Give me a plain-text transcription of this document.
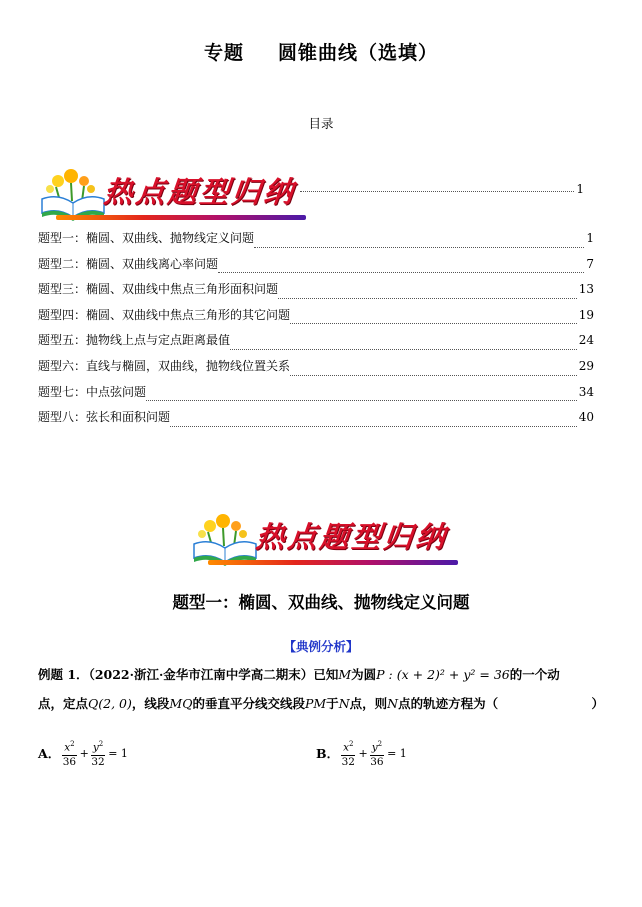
专题 圆锥曲线（选填）
目录
热点题型归纳	1
题型一：椭圆、双曲线、抛物线定义问题	1
题型二：椭圆、双曲线离心率问题	7
题型三：椭圆、双曲线中焦点三角形面积问题	13
题型四：椭圆、双曲线中焦点三角形的其它问题	19
题型五：抛物线上点与定点距离最值	24
题型六：直线与椭圆，双曲线，抛物线位置关系	29
题型七：中点弦问题	34
题型八：弦长和面积问题	40
热点题型归纳
题型一：椭圆、双曲线、抛物线定义问题
【典例分析】
例题 1．（2022·浙江·金华市江南中学高二期末）已知M为圆P : (x + 2)² + y² = 36的一个动
点，定点Q(2, 0)，线段MQ的垂直平分线交线段PM于N点，则N点的轨迹方程为（	）
A． $\frac{x^2}{36} + \frac{y^2}{32} = 1$	B． $\frac{x^2}{32} + \frac{y^2}{36} = 1$
